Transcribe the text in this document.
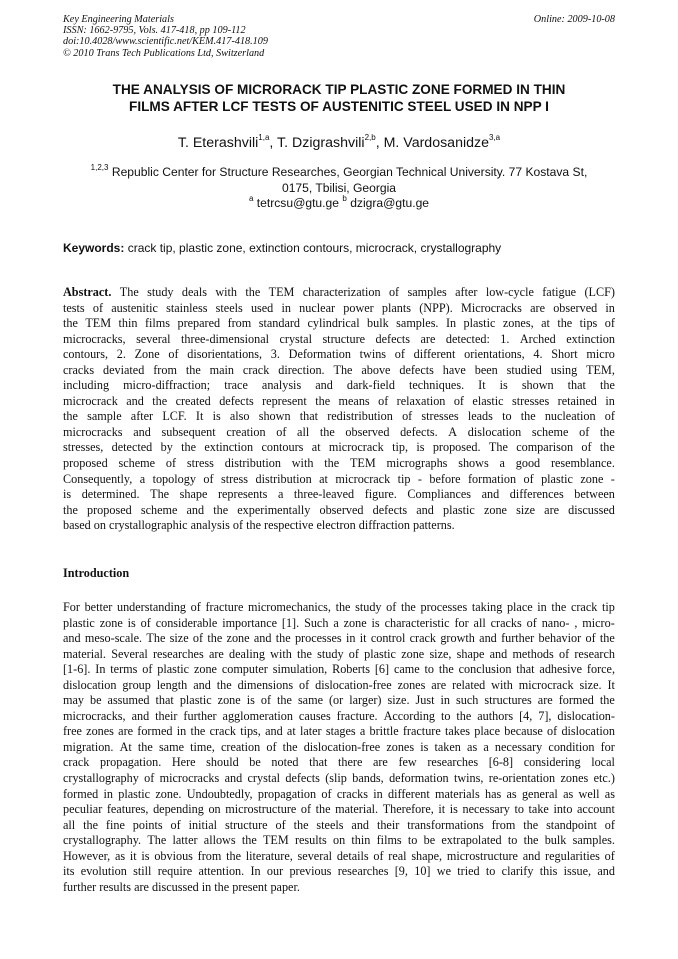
Key Engineering Materials
ISSN: 1662-9795, Vols. 417-418, pp 109-112
doi:10.4028/www.scientific.net/KEM.417-418.109
© 2010 Trans Tech Publications Ltd, Switzerland
Online: 2009-10-08
THE ANALYSIS OF MICRORACK TIP PLASTIC ZONE FORMED IN THIN
FILMS AFTER LCF TESTS OF AUSTENITIC STEEL USED IN NPP I
T. Eterashvili$^{1,a}$, T. Dzigrashvili$^{2,b}$, M. Vardosanidze$^{3,a}$
$^{1,2,3}$ Republic Center for Structure Researches, Georgian Technical University. 77 Kostava St,
0175, Tbilisi, Georgia
$^a$ tetrcsu@gtu.ge $^b$ dzigra@gtu.ge
Keywords: crack tip, plastic zone, extinction contours, microcrack, crystallography
Abstract. The study deals with the TEM characterization of samples after low-cycle fatigue (LCF)
tests of austenitic stainless steels used in nuclear power plants (NPP). Microcracks are observed in
the TEM thin films prepared from standard cylindrical bulk samples. In plastic zones, at the tips of
microcracks, several three-dimensional crystal structure defects are detected: 1. Arched extinction
contours, 2. Zone of disorientations, 3. Deformation twins of different orientations, 4. Short micro
cracks deviated from the main crack direction. The above defects have been studied using TEM,
including micro-diffraction; trace analysis and dark-field techniques. It is shown that the
microcrack and the created defects represent the means of relaxation of elastic stresses retained in
the sample after LCF. It is also shown that redistribution of stresses leads to the nucleation of
microcracks and subsequent creation of all the observed defects. A dislocation scheme of the
stresses, detected by the extinction contours at microcrack tip, is proposed. The comparison of the
proposed scheme of stress distribution with the TEM micrographs shows a good resemblance.
Consequently, a topology of stress distribution at microcrack tip - before formation of plastic zone -
is determined. The shape represents a three-leaved figure. Compliances and differences between
the proposed scheme and the experimentally observed defects and plastic zone size are discussed
based on crystallographic analysis of the respective electron diffraction patterns.
Introduction
For better understanding of fracture micromechanics, the study of the processes taking place in the crack tip
plastic zone is of considerable importance [1]. Such a zone is characteristic for all cracks of nano- , micro-
and meso-scale. The size of the zone and the processes in it control crack growth and further behavior of the
material. Several researches are dealing with the study of plastic zone size, shape and methods of research
[1-6]. In terms of plastic zone computer simulation, Roberts [6] came to the conclusion that adhesive force,
dislocation group length and the dimensions of dislocation-free zones are related with microcrack size. It
may be assumed that plastic zone is of the same (or larger) size. Just in such structures are formed the
microcracks, and their further agglomeration causes fracture. According to the authors [4, 7], dislocation-
free zones are formed in the crack tips, and at later stages a brittle fracture takes place because of dislocation
migration. At the same time, creation of the dislocation-free zones is taken as a necessary condition for
crack propagation. Here should be noted that there are few researches [6-8] considering local
crystallography of microcracks and crystal defects (slip bands, deformation twins, re-orientation zones etc.)
formed in plastic zone. Undoubtedly, propagation of cracks in different materials has as general as well as
peculiar features, depending on microstructure of the material. Therefore, it is necessary to take into account
all the fine points of initial structure of the steels and their transformations from the standpoint of
crystallography. The latter allows the TEM results on thin films to be extrapolated to the bulk samples.
However, as it is obvious from the literature, several details of real shape, microstructure and regularities of
its evolution still require attention. In our previous researches [9, 10] we tried to clarify this issue, and
further results are discussed in the present paper.
